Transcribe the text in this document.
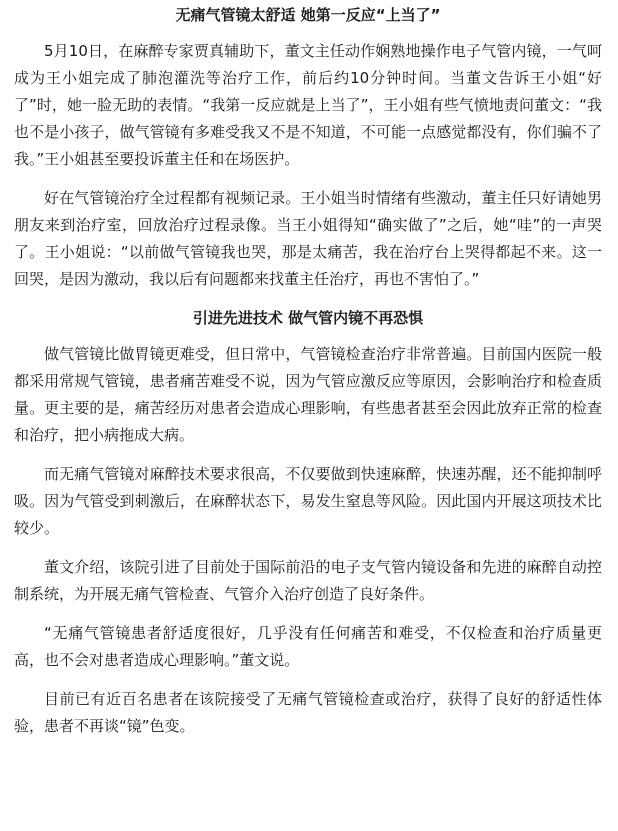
无痛气管镜太舒适 她第一反应“上当了”

5月10日，在麻醉专家贾真辅助下，董文主任动作娴熟地操作电子气管内镜，一气呵成为王小姐完成了肺泡灌洗等治疗工作，前后约10分钟时间。当董文告诉王小姐“好了”时，她一脸无助的表情。“我第一反应就是上当了”，王小姐有些气愤地责问董文：“我也不是小孩子，做气管镜有多难受我又不是不知道，不可能一点感觉都没有，你们骗不了我。”王小姐甚至要投诉董主任和在场医护。

好在气管镜治疗全过程都有视频记录。王小姐当时情绪有些激动，董主任只好请她男朋友来到治疗室，回放治疗过程录像。当王小姐得知“确实做了”之后，她“哇”的一声哭了。王小姐说：“以前做气管镜我也哭，那是太痛苦，我在治疗台上哭得都起不来。这一回哭，是因为激动，我以后有问题都来找董主任治疗，再也不害怕了。”

引进先进技术 做气管内镜不再恐惧

做气管镜比做胃镜更难受，但日常中，气管镜检查治疗非常普遍。目前国内医院一般都采用常规气管镜，患者痛苦难受不说，因为气管应激反应等原因，会影响治疗和检查质量。更主要的是，痛苦经历对患者会造成心理影响，有些患者甚至会因此放弃正常的检查和治疗，把小病拖成大病。

而无痛气管镜对麻醉技术要求很高，不仅要做到快速麻醉，快速苏醒，还不能抑制呼吸。因为气管受到刺激后，在麻醉状态下，易发生窒息等风险。因此国内开展这项技术比较少。

董文介绍，该院引进了目前处于国际前沿的电子支气管内镜设备和先进的麻醉自动控制系统，为开展无痛气管检查、气管介入治疗创造了良好条件。

“无痛气管镜患者舒适度很好，几乎没有任何痛苦和难受，不仅检查和治疗质量更高，也不会对患者造成心理影响。”董文说。

目前已有近百名患者在该院接受了无痛气管镜检查或治疗，获得了良好的舒适性体验，患者不再谈“镜”色变。
